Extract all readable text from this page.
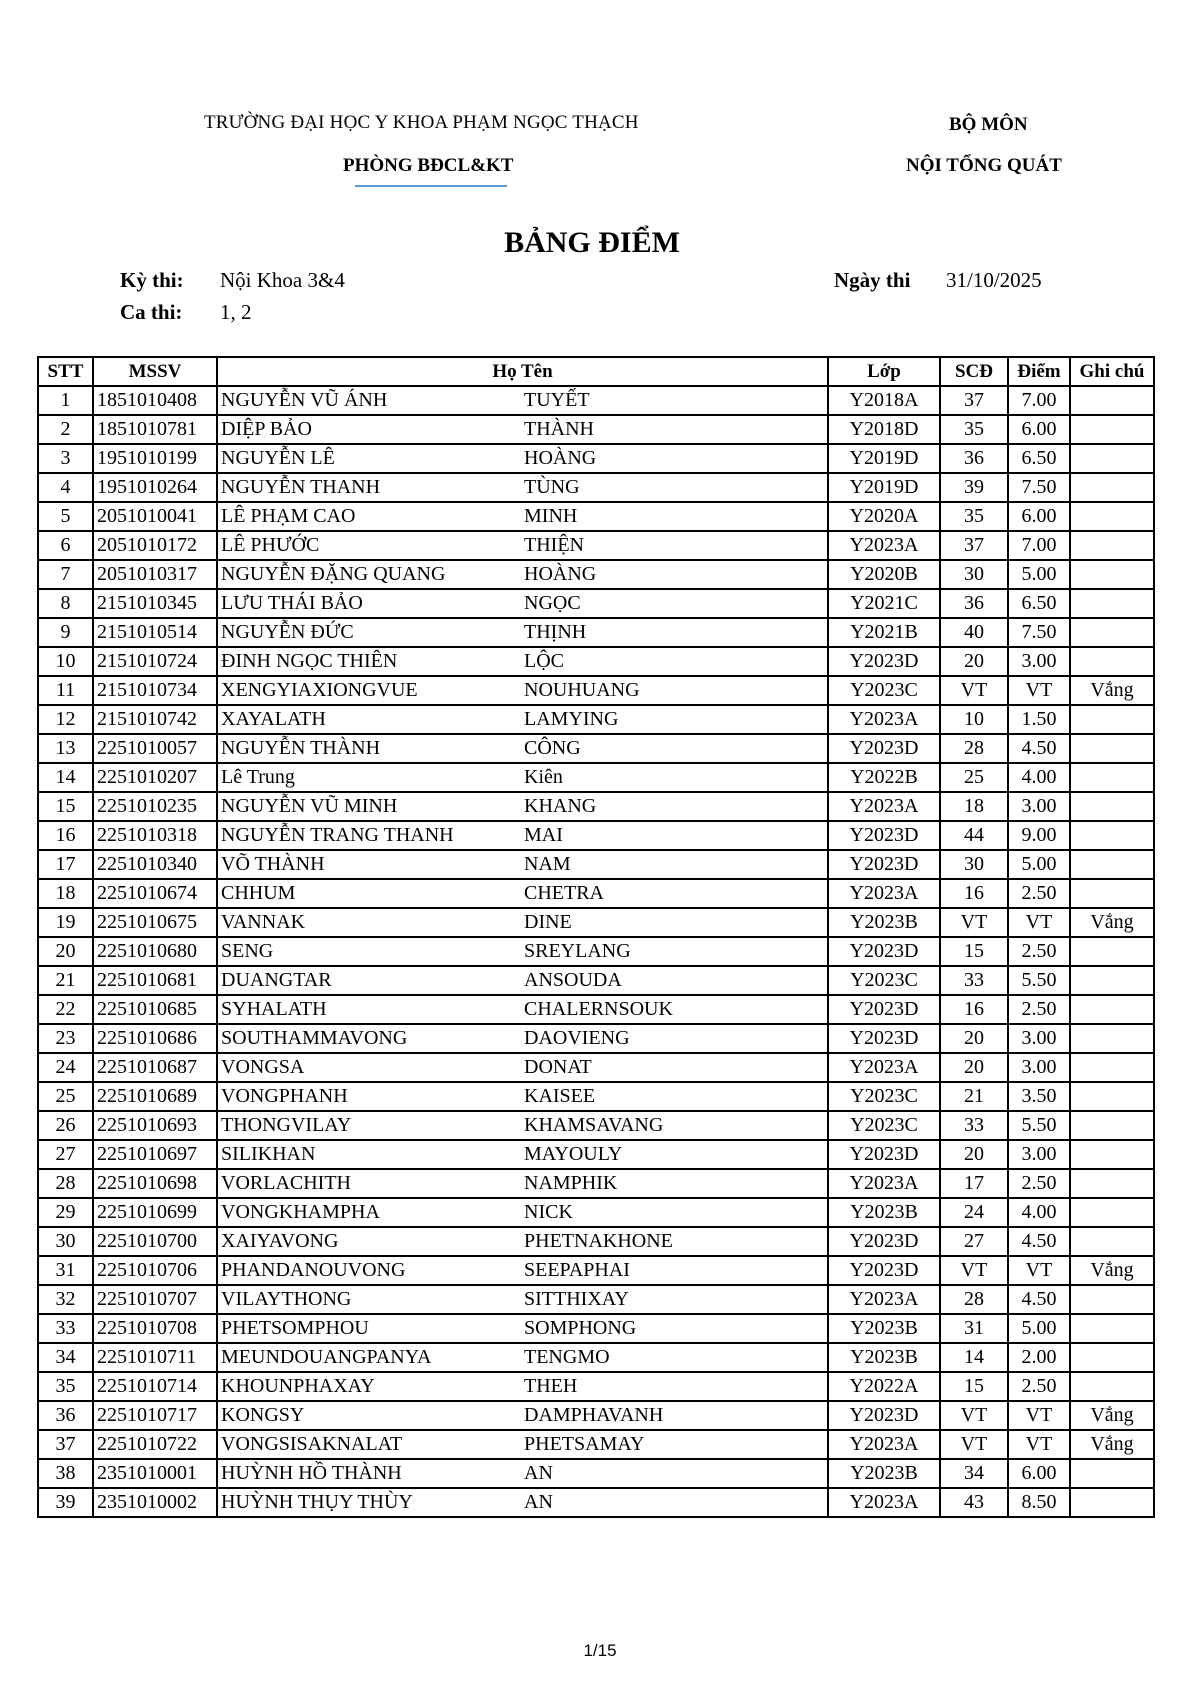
TRƯỜNG ĐẠI HỌC Y KHOA PHẠM NGỌC THẠCH
PHÒNG BĐCL&KT
BỘ MÔN
NỘI TỔNG QUÁT
BẢNG ĐIỂM
Kỳ thi: Nội Khoa 3&4
Ca thi: 1, 2
Ngày thi 31/10/2025
STT	MSSV	Họ Tên	Lớp	SCĐ	Điểm	Ghi chú
1	1851010408	NGUYỄN VŨ ÁNH TUYẾT	Y2018A	37	7.00	
2	1851010781	DIỆP BẢO THÀNH	Y2018D	35	6.00	
3	1951010199	NGUYỄN LÊ HOÀNG	Y2019D	36	6.50	
4	1951010264	NGUYỄN THANH TÙNG	Y2019D	39	7.50	
5	2051010041	LÊ PHẠM CAO MINH	Y2020A	35	6.00	
6	2051010172	LÊ PHƯỚC THIỆN	Y2023A	37	7.00	
7	2051010317	NGUYỄN ĐẶNG QUANG HOÀNG	Y2020B	30	5.00	
8	2151010345	LƯU THÁI BẢO NGỌC	Y2021C	36	6.50	
9	2151010514	NGUYỄN ĐỨC THỊNH	Y2021B	40	7.50	
10	2151010724	ĐINH NGỌC THIÊN LỘC	Y2023D	20	3.00	
11	2151010734	XENGYIAXIONGVUE NOUHUANG	Y2023C	VT	VT	Vắng
12	2151010742	XAYALATH LAMYING	Y2023A	10	1.50	
13	2251010057	NGUYỄN THÀNH CÔNG	Y2023D	28	4.50	
14	2251010207	Lê Trung Kiên	Y2022B	25	4.00	
15	2251010235	NGUYỄN VŨ MINH KHANG	Y2023A	18	3.00	
16	2251010318	NGUYỄN TRANG THANH MAI	Y2023D	44	9.00	
17	2251010340	VÕ THÀNH NAM	Y2023D	30	5.00	
18	2251010674	CHHUM CHETRA	Y2023A	16	2.50	
19	2251010675	VANNAK DINE	Y2023B	VT	VT	Vắng
20	2251010680	SENG SREYLANG	Y2023D	15	2.50	
21	2251010681	DUANGTAR ANSOUDA	Y2023C	33	5.50	
22	2251010685	SYHALATH CHALERNSOUK	Y2023D	16	2.50	
23	2251010686	SOUTHAMMAVONG DAOVIENG	Y2023D	20	3.00	
24	2251010687	VONGSA DONAT	Y2023A	20	3.00	
25	2251010689	VONGPHANH KAISEE	Y2023C	21	3.50	
26	2251010693	THONGVILAY KHAMSAVANG	Y2023C	33	5.50	
27	2251010697	SILIKHAN MAYOULY	Y2023D	20	3.00	
28	2251010698	VORLACHITH NAMPHIK	Y2023A	17	2.50	
29	2251010699	VONGKHAMPHA NICK	Y2023B	24	4.00	
30	2251010700	XAIYAVONG PHETNAKHONE	Y2023D	27	4.50	
31	2251010706	PHANDANOUVONG SEEPAPHAI	Y2023D	VT	VT	Vắng
32	2251010707	VILAYTHONG SITTHIXAY	Y2023A	28	4.50	
33	2251010708	PHETSOMPHOU SOMPHONG	Y2023B	31	5.00	
34	2251010711	MEUNDOUANGPANYA TENGMO	Y2023B	14	2.00	
35	2251010714	KHOUNPHAXAY THEH	Y2022A	15	2.50	
36	2251010717	KONGSY DAMPHAVANH	Y2023D	VT	VT	Vắng
37	2251010722	VONGSISAKNALAT PHETSAMAY	Y2023A	VT	VT	Vắng
38	2351010001	HUỲNH HỒ THÀNH AN	Y2023B	34	6.00	
39	2351010002	HUỲNH THỤY THÙY AN	Y2023A	43	8.50	
1/15
